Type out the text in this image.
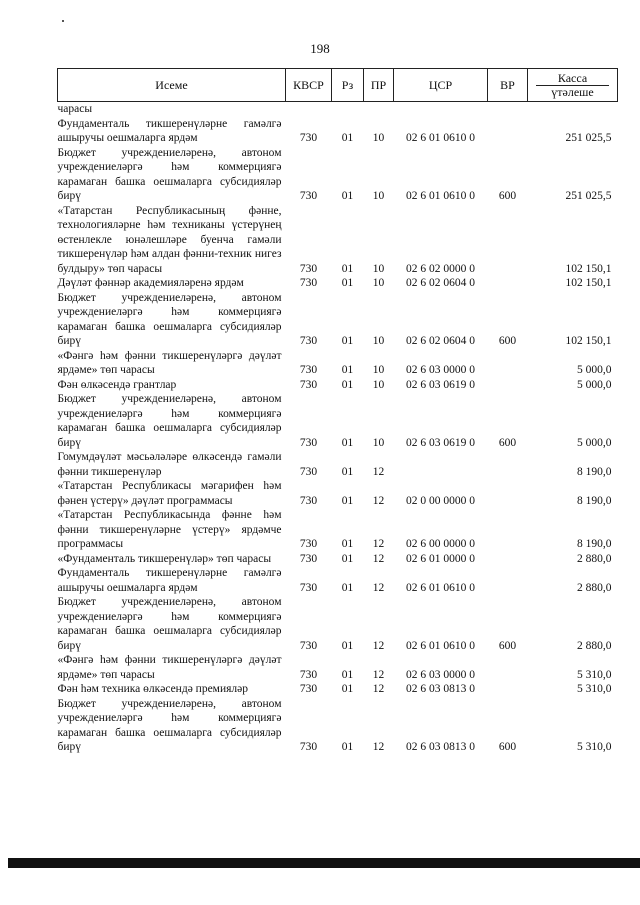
198
Исеме	КВСР	Рз	ПР	ЦСР	ВР	Касса
үтәлеше

чарасы						
Фундаменталь тикшеренүләрне гамәлгә ашыручы оешмаларга ярдәм	730	01	10	02 6 01 0610 0		251 025,5
Бюджет учреждениеләренә, автоном учреждениеләргә һәм коммерциягә карамаган башка оешмаларга субсидияләр бирү	730	01	10	02 6 01 0610 0	600	251 025,5
«Татарстан Республикасының фәнне, технологияләрне һәм техниканы үстерүнең өстенлекле юнәлешләре буенча гамәли тикшеренүләр һәм алдан фәнни-техник нигез булдыру» төп чарасы	730	01	10	02 6 02 0000 0		102 150,1
Дәүләт фәннәр академияләренә ярдәм	730	01	10	02 6 02 0604 0		102 150,1
Бюджет учреждениеләренә, автоном учреждениеләргә һәм коммерциягә карамаган башка оешмаларга субсидияләр бирү	730	01	10	02 6 02 0604 0	600	102 150,1
«Фәнгә һәм фәнни тикшеренүләргә дәүләт ярдәме» төп чарасы	730	01	10	02 6 03 0000 0		5 000,0
Фән өлкәсендә грантлар	730	01	10	02 6 03 0619 0		5 000,0
Бюджет учреждениеләренә, автоном учреждениеләргә һәм коммерциягә карамаган башка оешмаларга субсидияләр бирү	730	01	10	02 6 03 0619 0	600	5 000,0
Гомумдәүләт мәсьәләләре өлкәсендә гамәли фәнни тикшеренүләр	730	01	12			8 190,0
«Татарстан Республикасы мәгарифен һәм фәнен үстерү» дәүләт программасы	730	01	12	02 0 00 0000 0		8 190,0
«Татарстан Республикасында фәнне һәм фәнни тикшеренүләрне үстерү» ярдәмче программасы	730	01	12	02 6 00 0000 0		8 190,0
«Фундаменталь тикшеренүләр» төп чарасы	730	01	12	02 6 01 0000 0		2 880,0
Фундаменталь тикшеренүләрне гамәлгә ашыручы оешмаларга ярдәм	730	01	12	02 6 01 0610 0		2 880,0
Бюджет учреждениеләренә, автоном учреждениеләргә һәм коммерциягә карамаган башка оешмаларга субсидияләр бирү	730	01	12	02 6 01 0610 0	600	2 880,0
«Фәнгә һәм фәнни тикшеренүләргә дәүләт ярдәме» төп чарасы	730	01	12	02 6 03 0000 0		5 310,0
Фән һәм техника өлкәсендә премияләр	730	01	12	02 6 03 0813 0		5 310,0
Бюджет учреждениеләренә, автоном учреждениеләргә һәм коммерциягә карамаган башка оешмаларга субсидияләр бирү	730	01	12	02 6 03 0813 0	600	5 310,0
